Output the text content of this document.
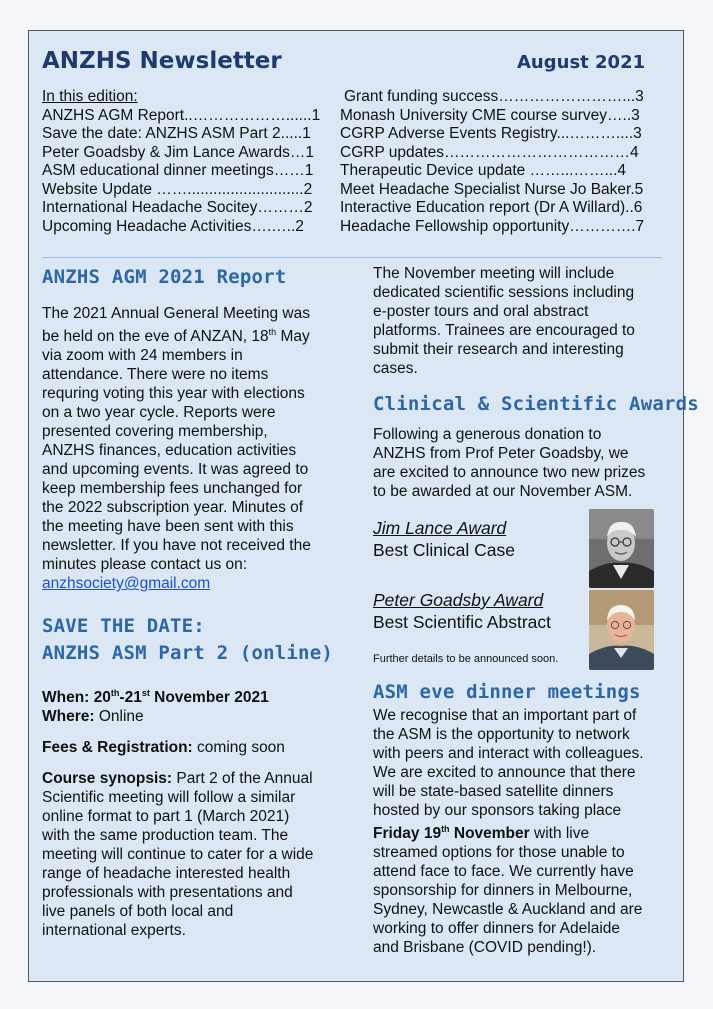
ANZHS Newsletter	August 2021
In this edition:
ANZHS AGM Report..………………......1
Save the date: ANZHS ASM Part 2.....1
Peter Goadsby & Jim Lance Awards…1
ASM educational dinner meetings……1
Website Update ……...........................2
International Headache Socitey………2
Upcoming Headache Activities….…..2
Grant funding success……………………...3
Monash University CME course survey…..3
CGRP Adverse Events Registry...………....3
CGRP updates………………………………4
Therapeutic Device update ……...……...4
Meet Headache Specialist Nurse Jo Baker.5
Interactive Education report (Dr A Willard)..6
Headache Fellowship opportunity………….7
ANZHS AGM 2021 Report
The 2021 Annual General Meeting was
be held on the eve of ANZAN, 18th May
via zoom with 24 members in
attendance. There were no items
requring voting this year with elections
on a two year cycle. Reports were
presented covering membership,
ANZHS finances, education activities
and upcoming events. It was agreed to
keep membership fees unchanged for
the 2022 subscription year. Minutes of
the meeting have been sent with this
newsletter. If you have not received the
minutes please contact us on:
anzhsociety@gmail.com
SAVE THE DATE:
ANZHS ASM Part 2 (online)
When: 20th-21st November 2021
Where: Online
Fees & Registration: coming soon
Course synopsis: Part 2 of the Annual
Scientific meeting will follow a similar
online format to part 1 (March 2021)
with the same production team. The
meeting will continue to cater for a wide
range of headache interested health
professionals with presentations and
live panels of both local and
international experts.
The November meeting will include
dedicated scientific sessions including
e-poster tours and oral abstract
platforms. Trainees are encouraged to
submit their research and interesting
cases.
Clinical & Scientific Awards
Following a generous donation to
ANZHS from Prof Peter Goadsby, we
are excited to announce two new prizes
to be awarded at our November ASM.
Jim Lance Award
Best Clinical Case
Peter Goadsby Award
Best Scientific Abstract
Further details to be announced soon.
ASM eve dinner meetings
We recognise that an important part of
the ASM is the opportunity to network
with peers and interact with colleagues.
We are excited to announce that there
will be state-based satellite dinners
hosted by our sponsors taking place
Friday 19th November with live
streamed options for those unable to
attend face to face. We currently have
sponsorship for dinners in Melbourne,
Sydney, Newcastle & Auckland and are
working to offer dinners for Adelaide
and Brisbane (COVID pending!).
